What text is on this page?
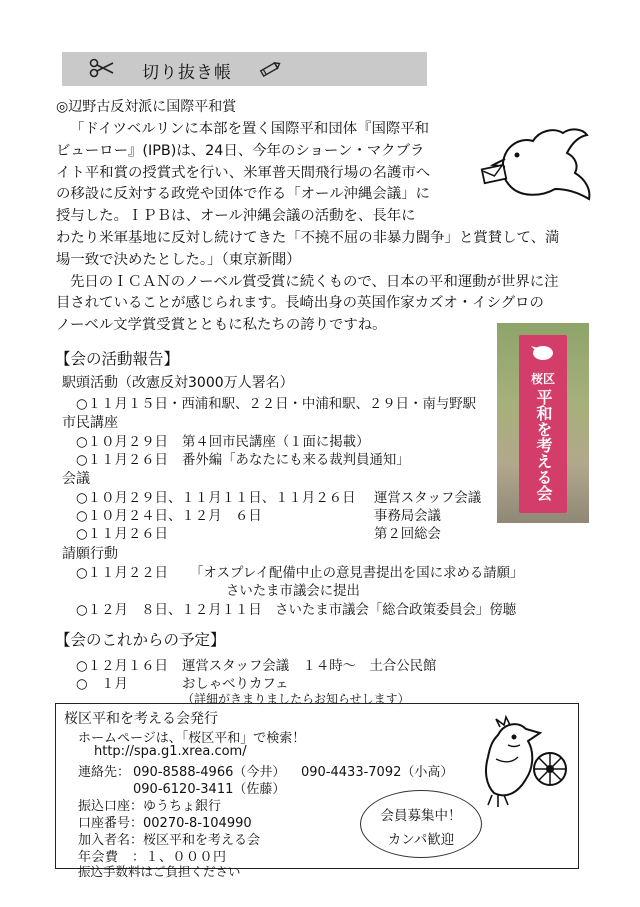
切り抜き帳
◎辺野古反対派に国際平和賞
「ドイツベルリンに本部を置く国際平和団体『国際平和
ビューロー』(IPB)は、24日、今年のショーン・マクブラ
イト平和賞の授賞式を行い、米軍普天間飛行場の名護市へ
の移設に反対する政党や団体で作る「オール沖縄会議」に
授与した。ＩＰＢは、オール沖縄会議の活動を、長年に
わたり米軍基地に反対し続けてきた「不撓不屈の非暴力闘争」と賞賛して、満
場一致で決めたとした。」（東京新聞）
先日のＩＣＡＮのノーベル賞受賞に続くもので、日本の平和運動が世界に注
目されていることが感じられます。長崎出身の英国作家カズオ・イシグロの
ノーベル文学賞受賞とともに私たちの誇りですね。
【会の活動報告】
駅頭活動（改憲反対3000万人署名）
○１１月１５日・西浦和駅、２２日・中浦和駅、２９日・南与野駅
市民講座
○１０月２９日 第４回市民講座（１面に掲載）
○１１月２６日 番外編「あなたにも来る裁判員通知」
会議
○１０月２９日、１１月１１日、１１月２６日 運営スタッフ会議
○１０月２４日、１２月　６日	事務局会議
○１１月２６日	第２回総会
請願行動
○１１月２２日 「オスプレイ配備中止の意見書提出を国に求める請願」
さいたま市議会に提出
○１２月　８日、１２月１１日　さいたま市議会「総合政策委員会」傍聴
桜区
平和を考える会
【会のこれからの予定】
○１２月１６日 運営スタッフ会議　１４時～　土合公民館
○　１月	おしゃべりカフェ
（詳細がきまりましたらお知らせします）
桜区平和を考える会発行
ホームページは、「桜区平和」で検索！
http://spa.g1.xrea.com/
連絡先： 090-8588-4966（今井） 090-4433-7092（小高）
090-6120-3411（佐藤）
振込口座：ゆうちょ銀行
口座番号：00270-8-104990
加入者名：桜区平和を考える会
年会費　：１、０００円
振込手数料はご負担ください
会員募集中！
カンパ歓迎
